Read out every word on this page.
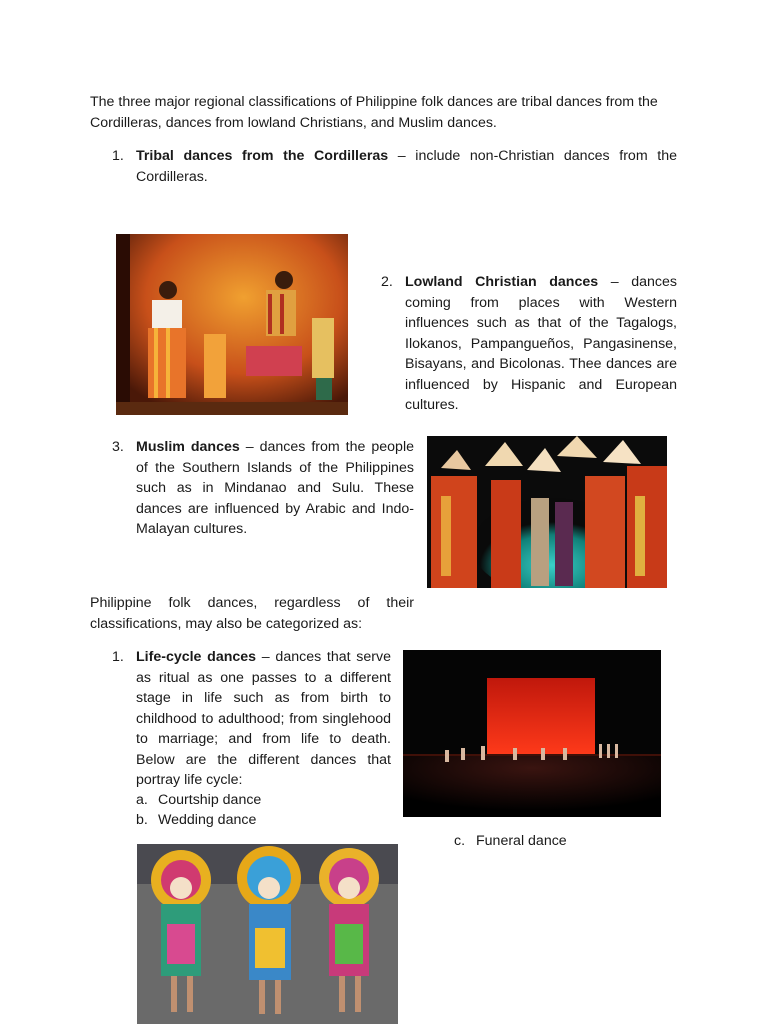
The three major regional classifications of Philippine folk dances are tribal dances from the Cordilleras, dances from lowland Christians, and Muslim dances.
1. Tribal dances from the Cordilleras – include non-Christian dances from the Cordilleras.
2. Lowland Christian dances – dances coming from places with Western influences such as that of the Tagalogs, Ilokanos, Pampangueños, Pangasinense, Bisayans, and Bicolonas. Thee dances are influenced by Hispanic and European cultures.
3. Muslim dances – dances from the people of the Southern Islands of the Philippines such as in Mindanao and Sulu. These dances are influenced by Arabic and Indo-Malayan cultures.
Philippine folk dances, regardless of their classifications, may also be categorized as:
1. Life-cycle dances – dances that serve as ritual as one passes to a different stage in life such as from birth to childhood to adulthood; from singlehood to marriage; and from life to death. Below are the different dances that portray life cycle:
a. Courtship dance
b. Wedding dance
c. Funeral dance
